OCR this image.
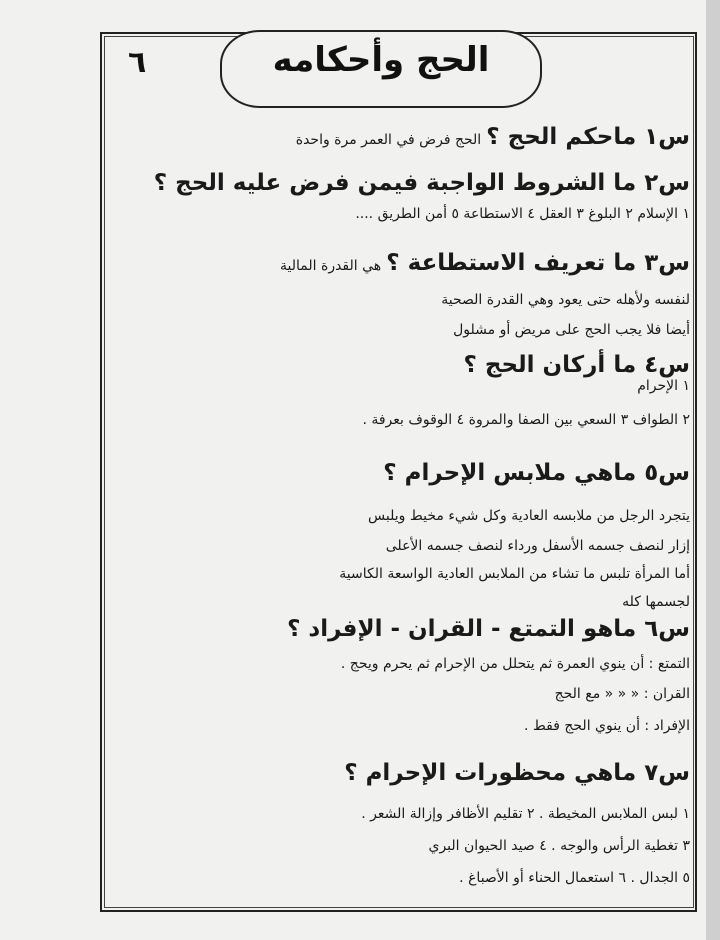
الحج وأحكامه
٦
س١ ماحكم الحج ؟ الحج فرض في العمر مرة واحدة
س٢ ما الشروط الواجبة فيمن فرض عليه الحج ؟
١ الإسلام ٢ البلوغ ٣ العقل ٤ الاستطاعة ٥ أمن الطريق ....
س٣ ما تعريف الاستطاعة ؟ هي القدرة المالية
لنفسه ولأهله حتى يعود وهي القدرة الصحية
أيضا فلا يجب الحج على مريض أو مشلول
س٤ ما أركان الحج ؟
١ الإحرام
٢ الطواف ٣ السعي بين الصفا والمروة ٤ الوقوف بعرفة .
س٥ ماهي ملابس الإحرام ؟
يتجرد الرجل من ملابسه العادية وكل شيء مخيط ويلبس
إزار لنصف جسمه الأسفل ورداء لنصف جسمه الأعلى
أما المرأة تلبس ما تشاء من الملابس العادية الواسعة الكاسية
لجسمها كله
س٦ ماهو التمتع - القران - الإفراد ؟
التمتع : أن ينوي العمرة ثم يتحلل من الإحرام ثم يحرم ويحج .
القران : « « « مع الحج
الإفراد : أن ينوي الحج فقط .
س٧ ماهي محظورات الإحرام ؟
١ لبس الملابس المخيطة . ٢ تقليم الأظافر وإزالة الشعر .
٣ تغطية الرأس والوجه . ٤ صيد الحيوان البري
٥ الجدال . ٦ استعمال الحناء أو الأصباغ .
